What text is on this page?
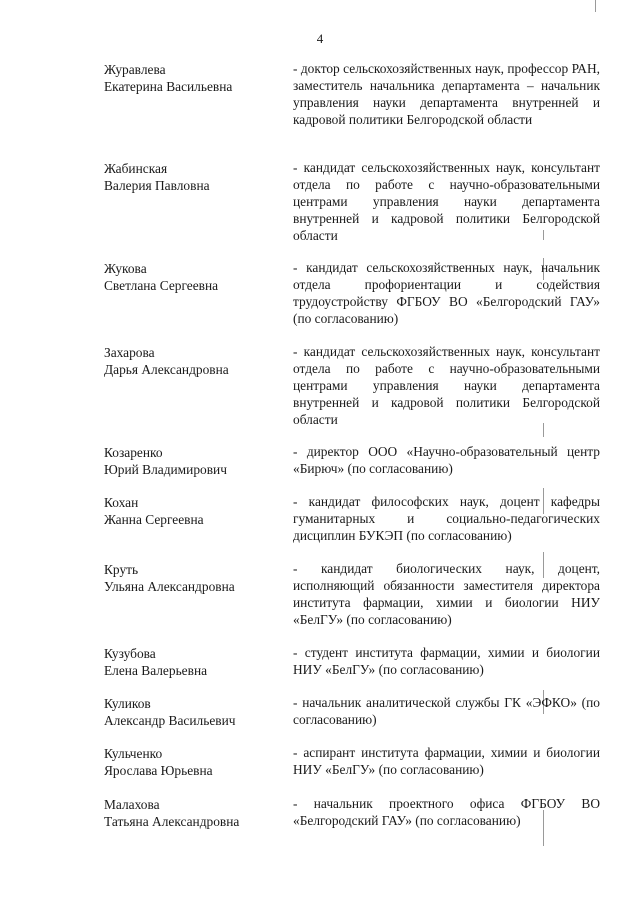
4
Журавлева
Екатерина Васильевна
- доктор сельскохозяйственных наук, профессор РАН, заместитель начальника департамента – начальник управления науки департамента внутренней и кадровой политики Белгородской области
Жабинская
Валерия Павловна
- кандидат сельскохозяйственных наук, консультант отдела по работе с научно-образовательными центрами управления науки департамента внутренней и кадровой политики Белгородской области
Жукова
Светлана Сергеевна
- кандидат сельскохозяйственных наук, начальник отдела профориентации и содействия трудоустройству ФГБОУ ВО «Белгородский ГАУ» (по согласованию)
Захарова
Дарья Александровна
- кандидат сельскохозяйственных наук, консультант отдела по работе с научно-образовательными центрами управления науки департамента внутренней и кадровой политики Белгородской области
Козаренко
Юрий Владимирович
- директор ООО «Научно-образовательный центр «Бирюч» (по согласованию)
Кохан
Жанна Сергеевна
- кандидат философских наук, доцент кафедры гуманитарных и социально-педагогических дисциплин БУКЭП (по согласованию)
Круть
Ульяна Александровна
- кандидат биологических наук, доцент, исполняющий обязанности заместителя директора института фармации, химии и биологии НИУ «БелГУ» (по согласованию)
Кузубова
Елена Валерьевна
- студент института фармации, химии и биологии НИУ «БелГУ» (по согласованию)
Куликов
Александр Васильевич
- начальник аналитической службы ГК «ЭФКО» (по согласованию)
Кульченко
Ярослава Юрьевна
- аспирант института фармации, химии и биологии НИУ «БелГУ» (по согласованию)
Малахова
Татьяна Александровна
- начальник проектного офиса ФГБОУ ВО «Белгородский ГАУ» (по согласованию)
